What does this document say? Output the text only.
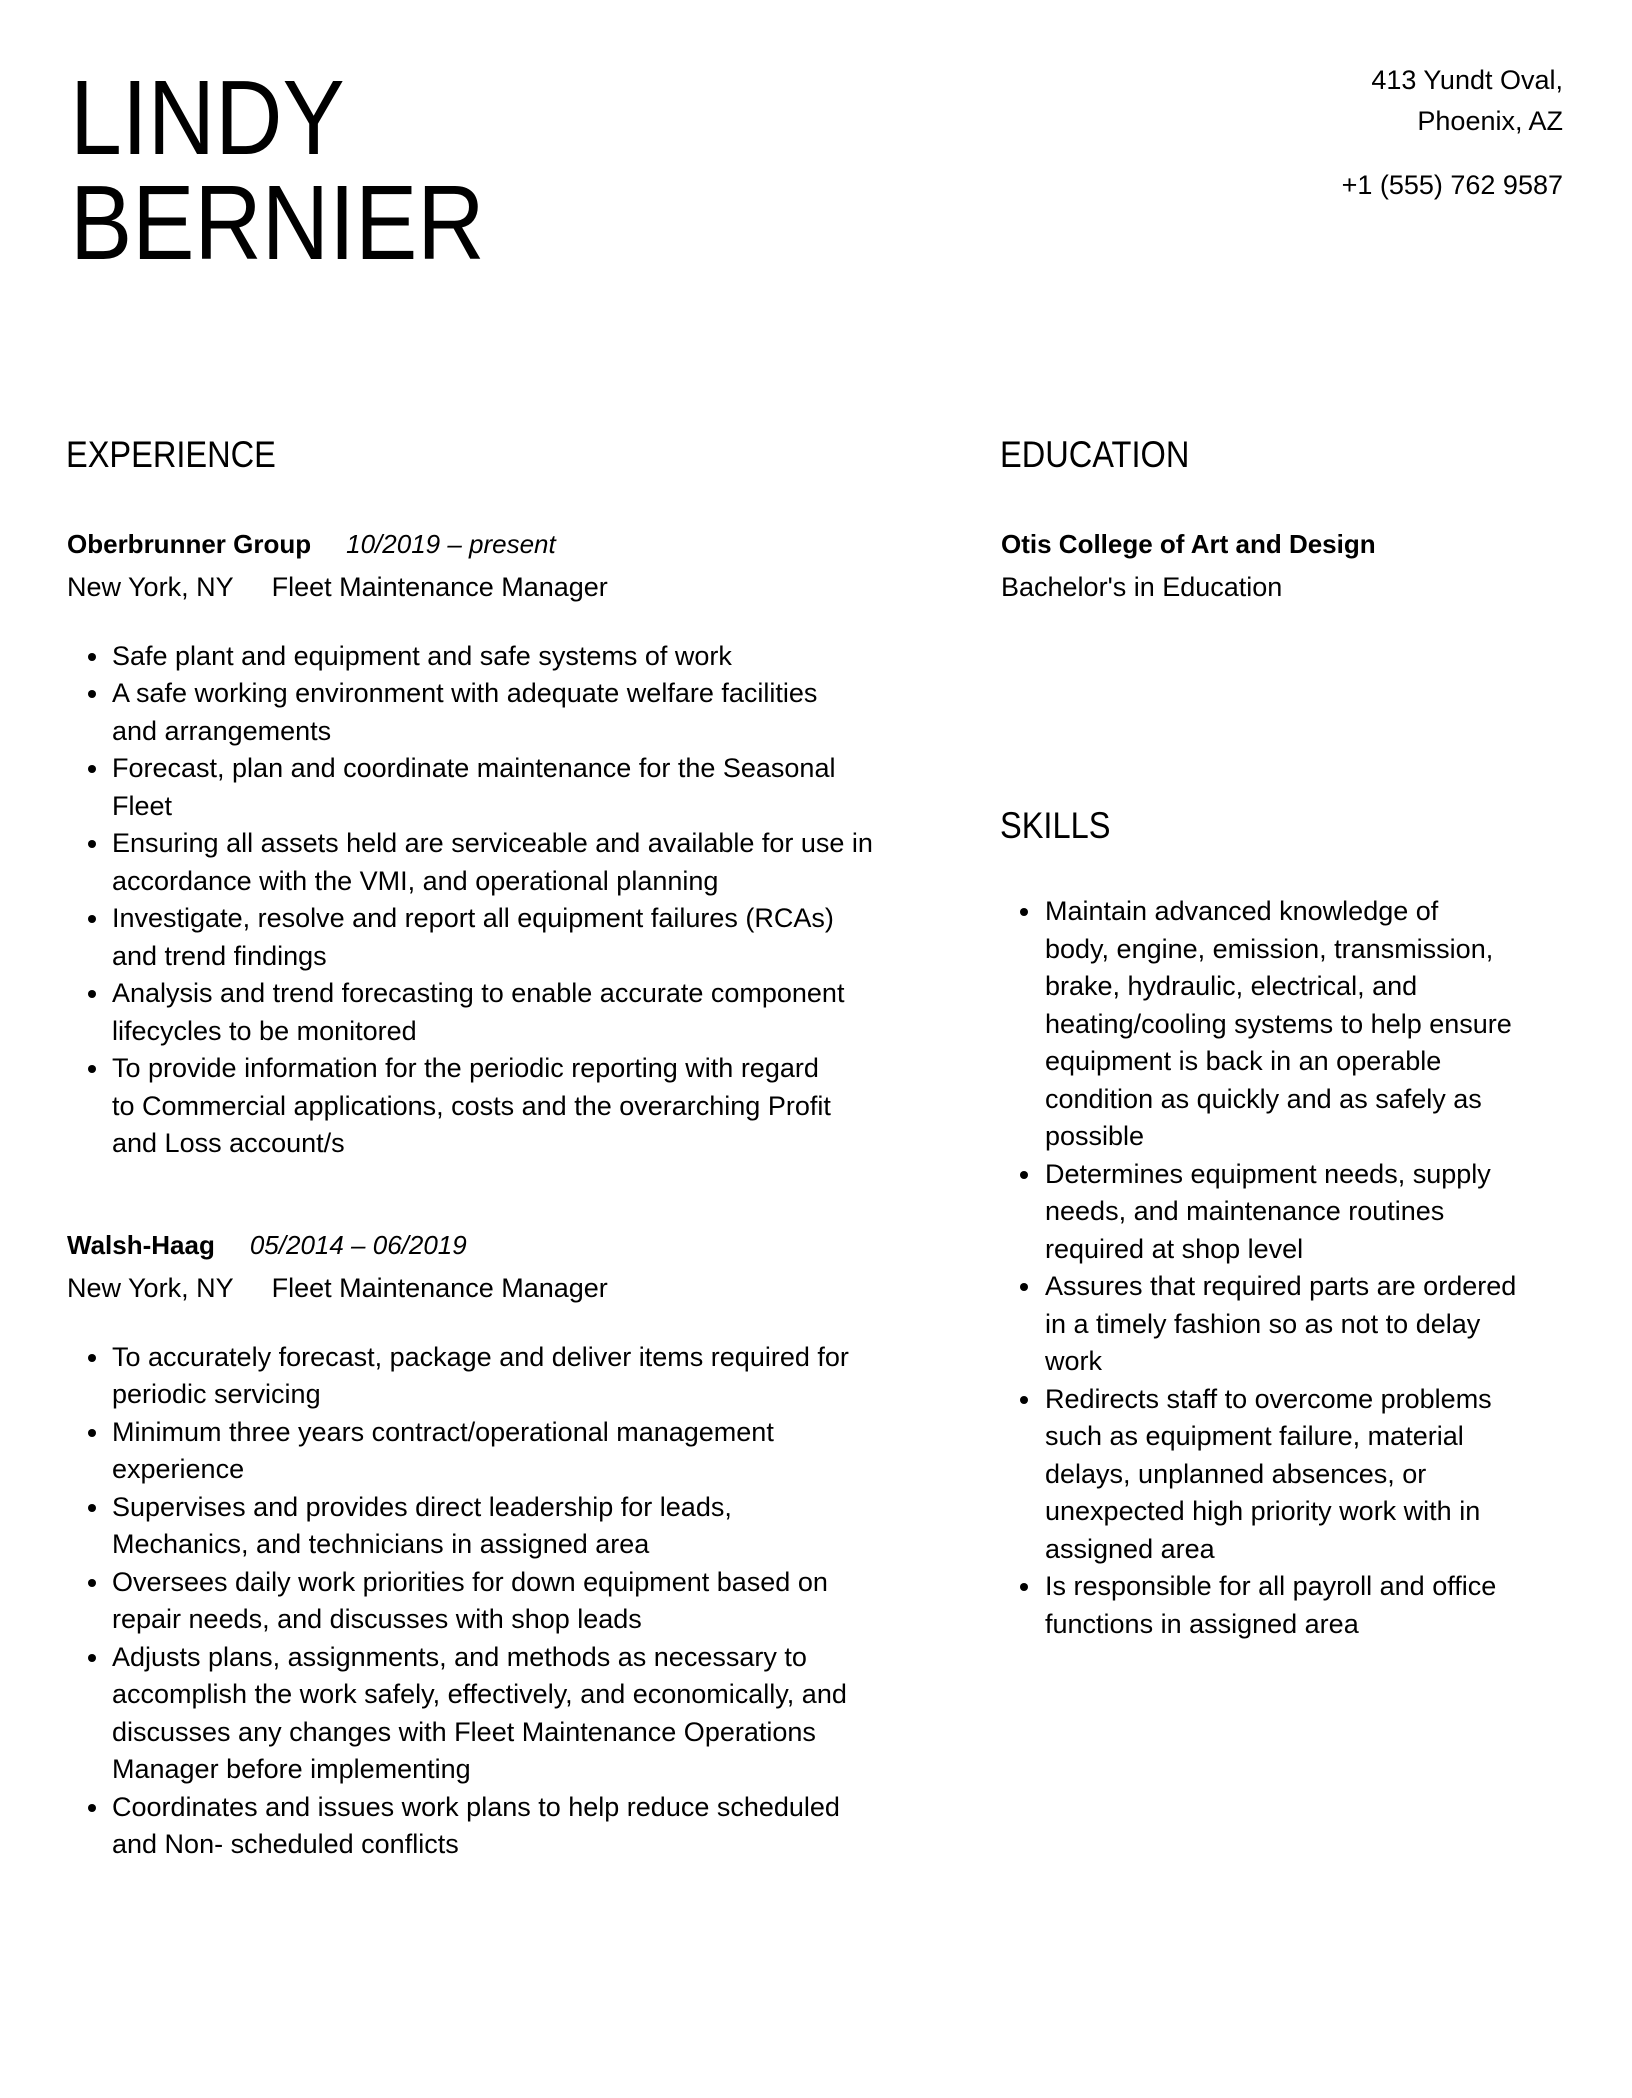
LINDY
BERNIER
413 Yundt Oval,
Phoenix, AZ
+1 (555) 762 9587
EXPERIENCE
Oberbrunner Group 10/2019 – present
New York, NY Fleet Maintenance Manager
Safe plant and equipment and safe systems of work
A safe working environment with adequate welfare facilities
and arrangements
Forecast, plan and coordinate maintenance for the Seasonal
Fleet
Ensuring all assets held are serviceable and available for use in
accordance with the VMI, and operational planning
Investigate, resolve and report all equipment failures (RCAs)
and trend findings
Analysis and trend forecasting to enable accurate component
lifecycles to be monitored
To provide information for the periodic reporting with regard
to Commercial applications, costs and the overarching Profit
and Loss account/s
Walsh-Haag 05/2014 – 06/2019
New York, NY Fleet Maintenance Manager
To accurately forecast, package and deliver items required for
periodic servicing
Minimum three years contract/operational management
experience
Supervises and provides direct leadership for leads,
Mechanics, and technicians in assigned area
Oversees daily work priorities for down equipment based on
repair needs, and discusses with shop leads
Adjusts plans, assignments, and methods as necessary to
accomplish the work safely, effectively, and economically, and
discusses any changes with Fleet Maintenance Operations
Manager before implementing
Coordinates and issues work plans to help reduce scheduled
and Non- scheduled conflicts
EDUCATION
Otis College of Art and Design
Bachelor's in Education
SKILLS
Maintain advanced knowledge of
body, engine, emission, transmission,
brake, hydraulic, electrical, and
heating/cooling systems to help ensure
equipment is back in an operable
condition as quickly and as safely as
possible
Determines equipment needs, supply
needs, and maintenance routines
required at shop level
Assures that required parts are ordered
in a timely fashion so as not to delay
work
Redirects staff to overcome problems
such as equipment failure, material
delays, unplanned absences, or
unexpected high priority work with in
assigned area
Is responsible for all payroll and office
functions in assigned area
